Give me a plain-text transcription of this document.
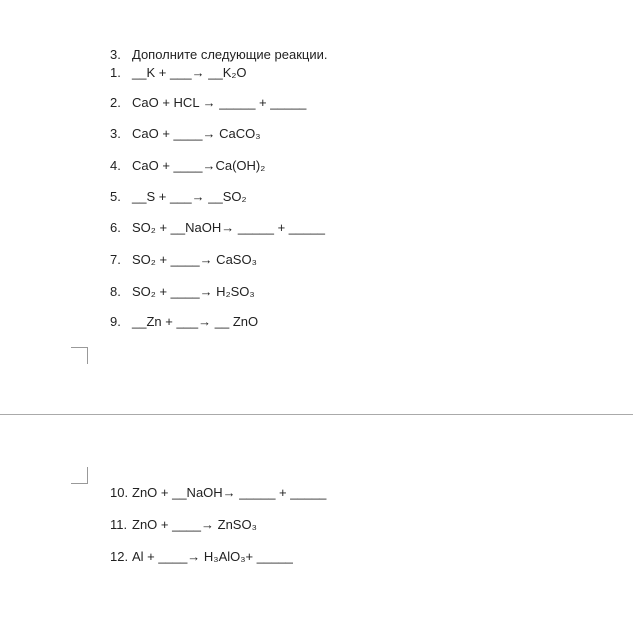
3. Дополните следующие реакции.
1. __K + ___→ __K₂O
2. CaO + HCL → _____ + _____
3. CaO + ____→ CaCO₃
4. CaO + ____→Ca(OH)₂
5. __S + ___→ __SO₂
6. SO₂ + __NaOH→ _____ + _____
7. SO₂ + ____→ CaSO₃
8. SO₂ + ____→ H₂SO₃
9. __Zn + ___→ __ ZnO
10. ZnO + __NaOH→ _____ + _____
11. ZnO + ____→ ZnSO₃
12. Al + ____→ H₃AlO₃+ _____
